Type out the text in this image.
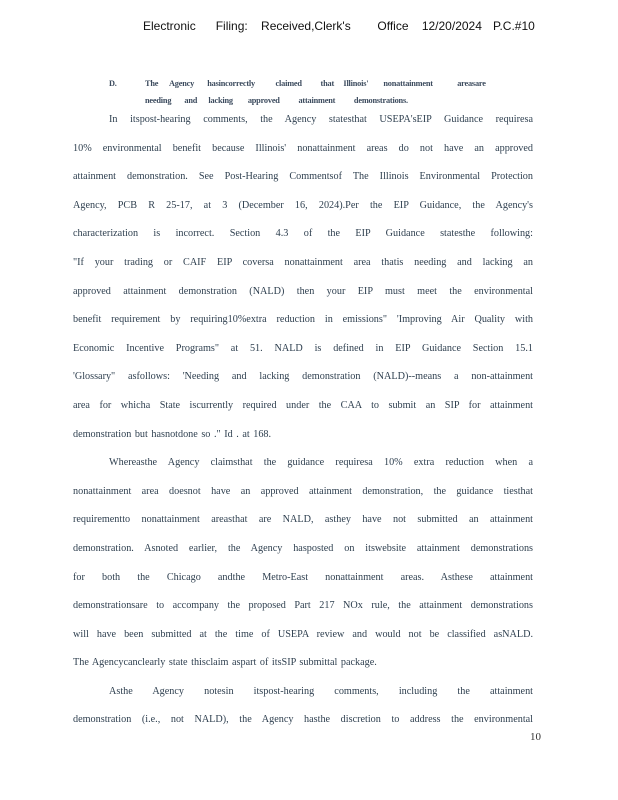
Electronic      Filing:    Received,Clerk's        Office    12/20/2024 P.C.#10
D.	The      Agency       hasincorrectly           claimed          that     Illinois'        nonattainment             areasare
needing       and      lacking        approved          attainment          demonstrations.
In itspost-hearing comments, the Agency statesthat USEPA'sEIP Guidance requiresa
10% environmental benefit because Illinois' nonattainment areas do not have an approved
attainment demonstration. See Post-Hearing Commentsof The Illinois Environmental Protection
Agency, PCB R 25-17, at 3 (December 16, 2024).Per the EIP Guidance, the Agency's
characterization is incorrect. Section 4.3 of the EIP Guidance statesthe following:
"If your trading or CAIF EIP coversa nonattainment area thatis needing and lacking an
approved attainment demonstration (NALD) then your EIP must meet the environmental
benefit requirement by requiring10%extra reduction in emissions" 'Improving Air Quality with
Economic Incentive Programs" at 51. NALD is defined in EIP Guidance Section 15.1
'Glossary" asfollows: 'Needing and lacking demonstration (NALD)--means a non-attainment
area for whicha State iscurrently required under the CAA to submit an SIP for attainment
demonstration but hasnotdone so ." Id . at 168.
Whereasthe Agency claimsthat the guidance requiresa 10% extra reduction when a
nonattainment area doesnot have an approved attainment demonstration, the guidance tiesthat
requirementto nonattainment areasthat are NALD, asthey have not submitted an attainment
demonstration. Asnoted earlier, the Agency hasposted on itswebsite attainment demonstrations
for both the Chicago andthe Metro-East nonattainment areas. Asthese attainment
demonstrationsare to accompany the proposed Part 217 NOx rule, the attainment demonstrations
will have been submitted at the time of USEPA review and would not be classified asNALD.
The Agencycanclearly state thisclaim aspart of itsSIP submittal package.
Asthe Agency notesin itspost-hearing comments, including the attainment
demonstration (i.e., not NALD), the Agency hasthe discretion to address the environmental
10
